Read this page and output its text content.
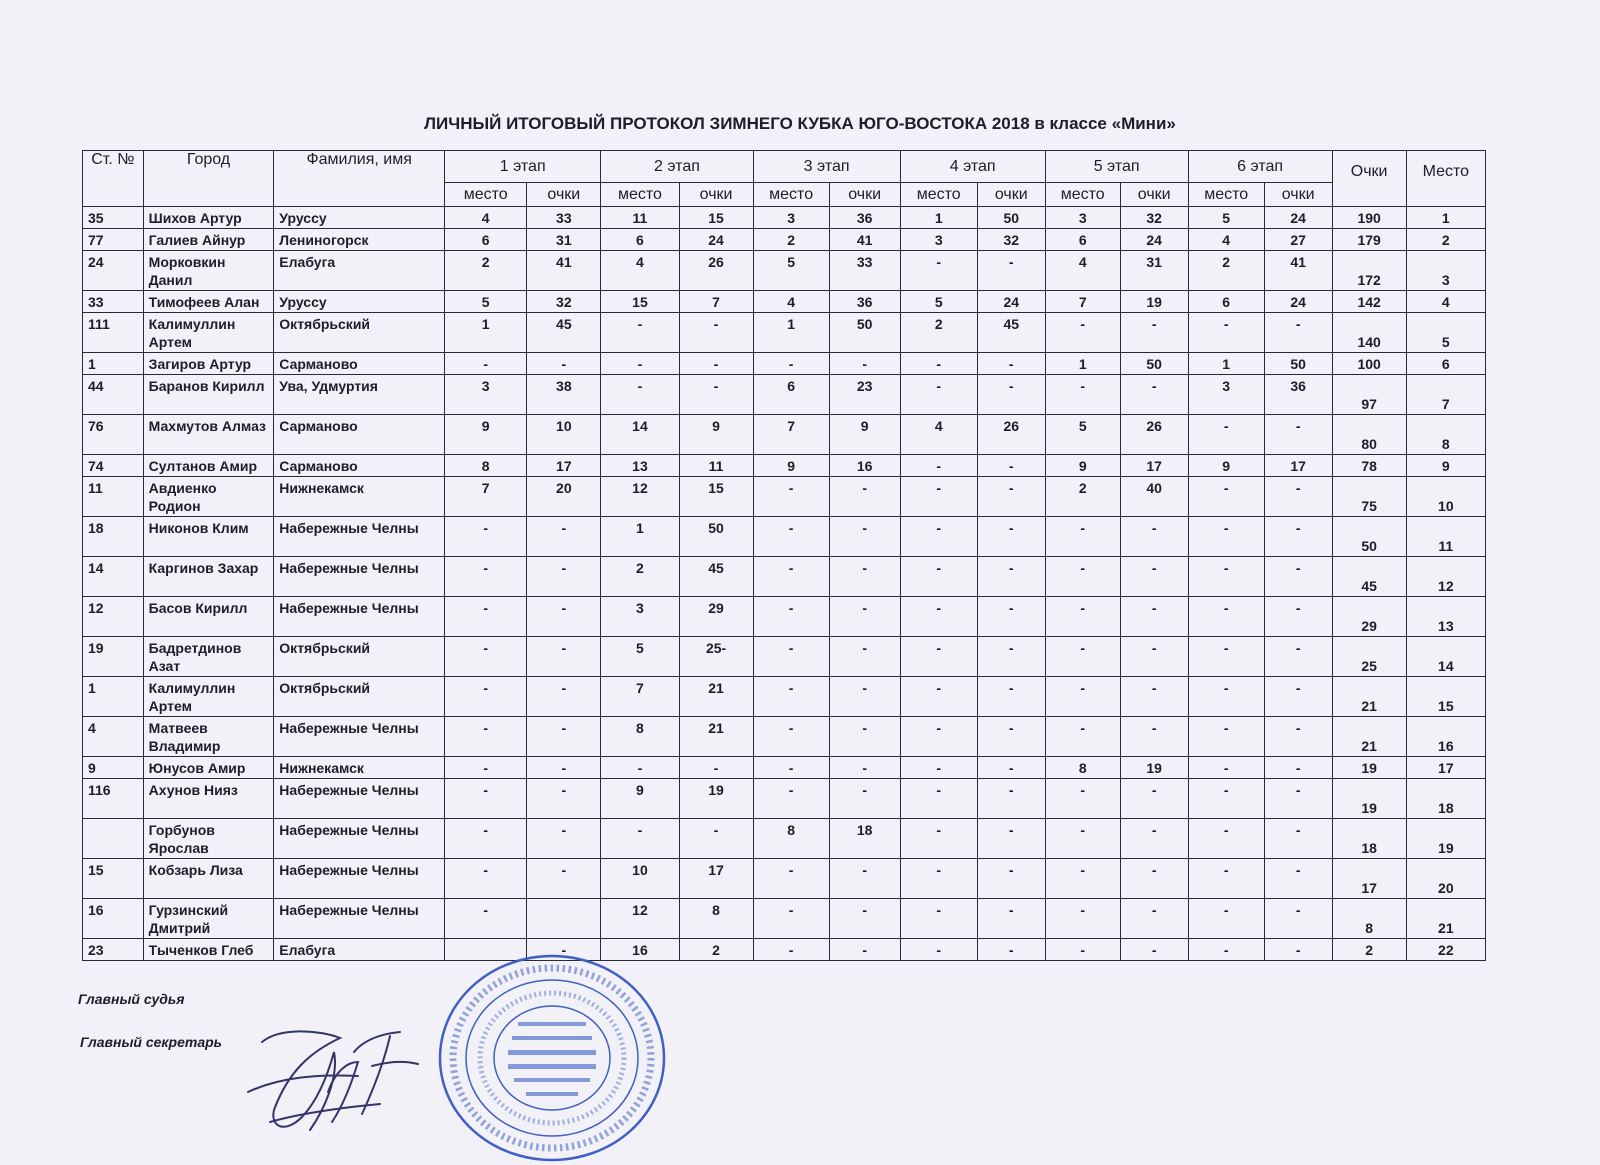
ЛИЧНЫЙ ИТОГОВЫЙ ПРОТОКОЛ ЗИМНЕГО КУБКА ЮГО-ВОСТОКА 2018 в классе «Мини»
Ст. №	Город	Фамилия, имя	1 этап		2 этап		3 этап		4 этап		5 этап		6 этап		Очки	Место
			место	очки	место	очки	место	очки	место	очки	место	очки	место	очки		
35	Шихов Артур	Уруссу	4	33	11	15	3	36	1	50	3	32	5	24	190	1
77	Галиев Айнур	Лениногорск	6	31	6	24	2	41	3	32	6	24	4	27	179	2
24	Морковкин Данил	Елабуга	2	41	4	26	5	33	-	-	4	31	2	41	172	3
33	Тимофеев Алан	Уруссу	5	32	15	7	4	36	5	24	7	19	6	24	142	4
111	Калимуллин Артем	Октябрьский	1	45	-	-	1	50	2	45	-	-	-	-	140	5
1	Загиров Артур	Сарманово	-	-	-	-	-	-	-	-	1	50	1	50	100	6
44	Баранов Кирилл	Ува, Удмуртия	3	38	-	-	6	23	-	-	-	-	3	36	97	7
76	Махмутов Алмаз	Сарманово	9	10	14	9	7	9	4	26	5	26	-	-	80	8
74	Султанов Амир	Сарманово	8	17	13	11	9	16	-	-	9	17	9	17	78	9
11	Авдиенко Родион	Нижнекамск	7	20	12	15	-	-	-	-	2	40	-	-	75	10
18	Никонов Клим	Набережные Челны	-	-	1	50	-	-	-	-	-	-	-	-	50	11
14	Каргинов Захар	Набережные Челны	-	-	2	45	-	-	-	-	-	-	-	-	45	12
12	Басов Кирилл	Набережные Челны	-	-	3	29	-	-	-	-	-	-	-	-	29	13
19	Бадретдинов Азат	Октябрьский	-	-	5	25-	-	-	-	-	-	-	-	-	25	14
1	Калимуллин Артем	Октябрьский	-	-	7	21	-	-	-	-	-	-	-	-	21	15
4	Матвеев Владимир	Набережные Челны	-	-	8	21	-	-	-	-	-	-	-	-	21	16
9	Юнусов Амир	Нижнекамск	-	-	-	-	-	-	-	-	8	19	-	-	19	17
116	Ахунов Нияз	Набережные Челны	-	-	9	19	-	-	-	-	-	-	-	-	19	18
	Горбунов Ярослав	Набережные Челны	-	-	-	-	8	18	-	-	-	-	-	-	18	19
15	Кобзарь Лиза	Набережные Челны	-	-	10	17	-	-	-	-	-	-	-	-	17	20
16	Гурзинский Дмитрий	Набережные Челны	-		12	8	-	-	-	-	-	-	-	-	8	21
23	Тыченков Глеб	Елабуга		-	16	2	-	-	-	-	-	-	-	-	2	22
Главный судья
Главный секретарь
